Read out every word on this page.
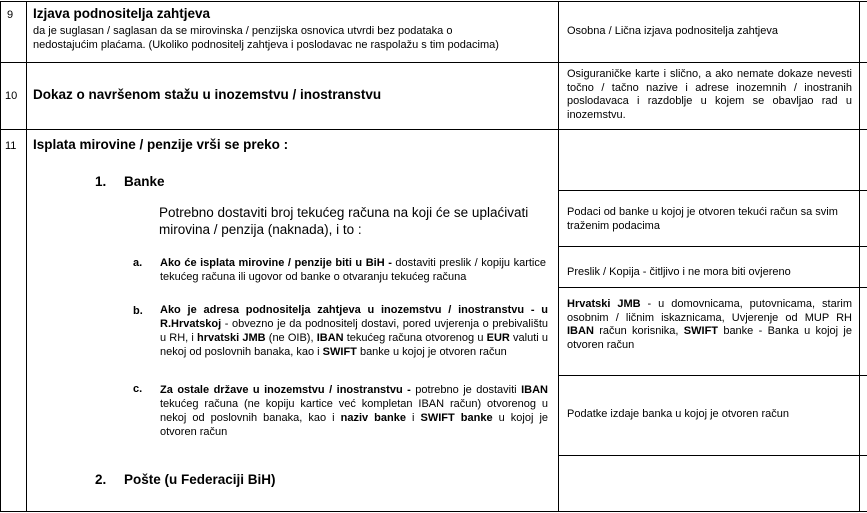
9 Izjava podnositelja zahtjeva
da je suglasan / saglasan da se mirovinska / penzijska osnovica utvrdi bez podataka o
nedostajućim plaćama. (Ukoliko podnositelj zahtjeva i poslodavac ne raspolažu s tim podacima)
Osobna / Lična izjava podnositelja zahtjeva
10 Dokaz o navršenom stažu u inozemstvu / inostranstvu
Osiguraničke karte i slično, a ako nemate dokaze nevesti točno / tačno nazive i adrese inozemnih / inostranih poslodavaca i razdoblje u kojem se obavljao rad u inozemstvu.
11 Isplata mirovine / penzije vrši se preko :
1. Banke
Potrebno dostaviti broj tekućeg računa na koji će se uplaćivati mirovina / penzija (naknada), i to :
Podaci od banke u kojoj je otvoren tekući račun sa svim traženim podacima
a. Ako će isplata mirovine / penzije biti u BiH - dostaviti preslik / kopiju kartice tekućeg računa ili ugovor od banke o otvaranju tekućeg računa	Preslik / Kopija - čitljivo i ne mora biti ovjereno
b. Ako je adresa podnositelja zahtjeva u inozemstvu / inostranstvu - u R.Hrvatskoj - obvezno je da podnositelj dostavi, pored uvjerenja o prebivalištu u RH, i hrvatski JMB (ne OIB), IBAN tekućeg računa otvorenog u EUR valuti u nekoj od poslovnih banaka, kao i SWIFT banke u kojoj je otvoren račun
Hrvatski JMB - u domovnicama, putovnicama, starim osobnim / ličnim iskaznicama, Uvjerenje od MUP RH IBAN račun korisnika, SWIFT banke - Banka u kojoj je otvoren račun
c. Za ostale države u inozemstvu / inostranstvu - potrebno je dostaviti IBAN tekućeg računa (ne kopiju kartice već kompletan IBAN račun) otvorenog u nekoj od poslovnih banaka, kao i naziv banke i SWIFT banke u kojoj je otvoren račun
Podatke izdaje banka u kojoj je otvoren račun
2. Pošte (u Federaciji BiH)
